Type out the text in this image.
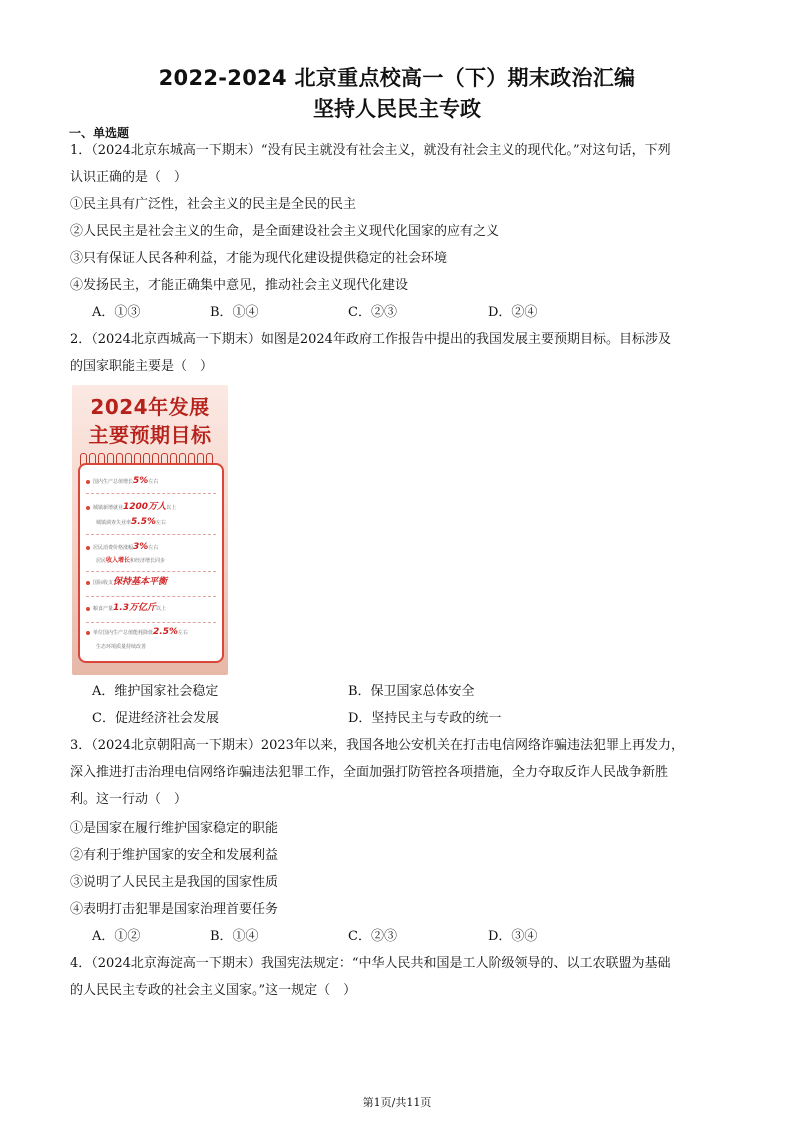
2022-2024 北京重点校高一（下）期末政治汇编
坚持人民民主专政
一、单选题
1．（2024北京东城高一下期末）“没有民主就没有社会主义，就没有社会主义的现代化。”对这句话，下列
认识正确的是（　）
①民主具有广泛性，社会主义的民主是全民的民主
②人民民主是社会主义的生命，是全面建设社会主义现代化国家的应有之义
③只有保证人民各种利益，才能为现代化建设提供稳定的社会环境
④发扬民主，才能正确集中意见，推动社会主义现代化建设
A．①③	B．①④	C．②③	D．②④
2．（2024北京西城高一下期末）如图是2024年政府工作报告中提出的我国发展主要预期目标。目标涉及
的国家职能主要是（　）
2024年发展
主要预期目标
国内生产总值增长5%左右
城镇新增就业1200万人以上
城镇调查失业率5.5%左右
居民消费价格涨幅3%左右
居民收入增长和经济增长同步
国际收支保持基本平衡
粮食产量1.3万亿斤以上
单位国内生产总值能耗降低2.5%左右
生态环境质量持续改善
A．维护国家社会稳定	B．保卫国家总体安全
C．促进经济社会发展	D．坚持民主与专政的统一
3．（2024北京朝阳高一下期末）2023年以来，我国各地公安机关在打击电信网络诈骗违法犯罪上再发力，
深入推进打击治理电信网络诈骗违法犯罪工作，全面加强打防管控各项措施，全力夺取反诈人民战争新胜
利。这一行动（　）
①是国家在履行维护国家稳定的职能
②有利于维护国家的安全和发展利益
③说明了人民民主是我国的国家性质
④表明打击犯罪是国家治理首要任务
A．①②	B．①④	C．②③	D．③④
4．（2024北京海淀高一下期末）我国宪法规定：“中华人民共和国是工人阶级领导的、以工农联盟为基础
的人民民主专政的社会主义国家。”这一规定（　）
第1页/共11页
